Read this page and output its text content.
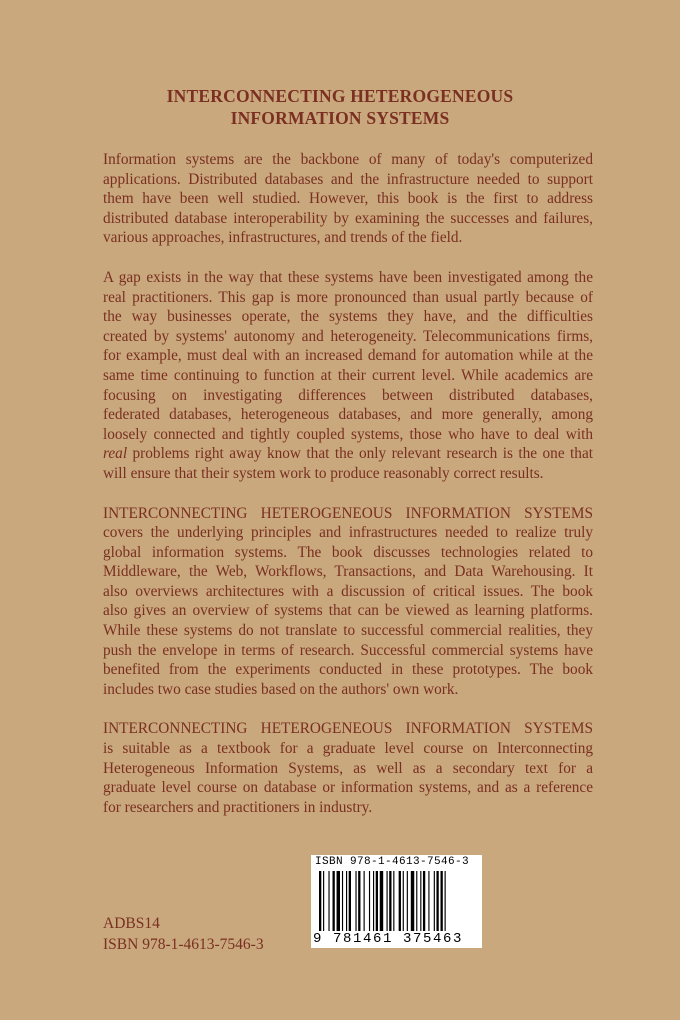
INTERCONNECTING HETEROGENEOUS
INFORMATION SYSTEMS
Information systems are the backbone of many of today's computerized
applications. Distributed databases and the infrastructure needed to support
them have been well studied. However, this book is the first to address
distributed database interoperability by examining the successes and failures,
various approaches, infrastructures, and trends of the field.
A gap exists in the way that these systems have been investigated among the
real practitioners. This gap is more pronounced than usual partly because of
the way businesses operate, the systems they have, and the difficulties
created by systems' autonomy and heterogeneity. Telecommunications firms,
for example, must deal with an increased demand for automation while at the
same time continuing to function at their current level. While academics are
focusing on investigating differences between distributed databases,
federated databases, heterogeneous databases, and more generally, among
loosely connected and tightly coupled systems, those who have to deal with
real problems right away know that the only relevant research is the one that
will ensure that their system work to produce reasonably correct results.
INTERCONNECTING HETEROGENEOUS INFORMATION SYSTEMS
covers the underlying principles and infrastructures needed to realize truly
global information systems. The book discusses technologies related to
Middleware, the Web, Workflows, Transactions, and Data Warehousing. It
also overviews architectures with a discussion of critical issues. The book
also gives an overview of systems that can be viewed as learning platforms.
While these systems do not translate to successful commercial realities, they
push the envelope in terms of research. Successful commercial systems have
benefited from the experiments conducted in these prototypes. The book
includes two case studies based on the authors' own work.
INTERCONNECTING HETEROGENEOUS INFORMATION SYSTEMS
is suitable as a textbook for a graduate level course on Interconnecting
Heterogeneous Information Systems, as well as a secondary text for a
graduate level course on database or information systems, and as a reference
for researchers and practitioners in industry.
ADBS14
ISBN 978-1-4613-7546-3
ISBN 978-1-4613-7546-3
9 781461 375463
